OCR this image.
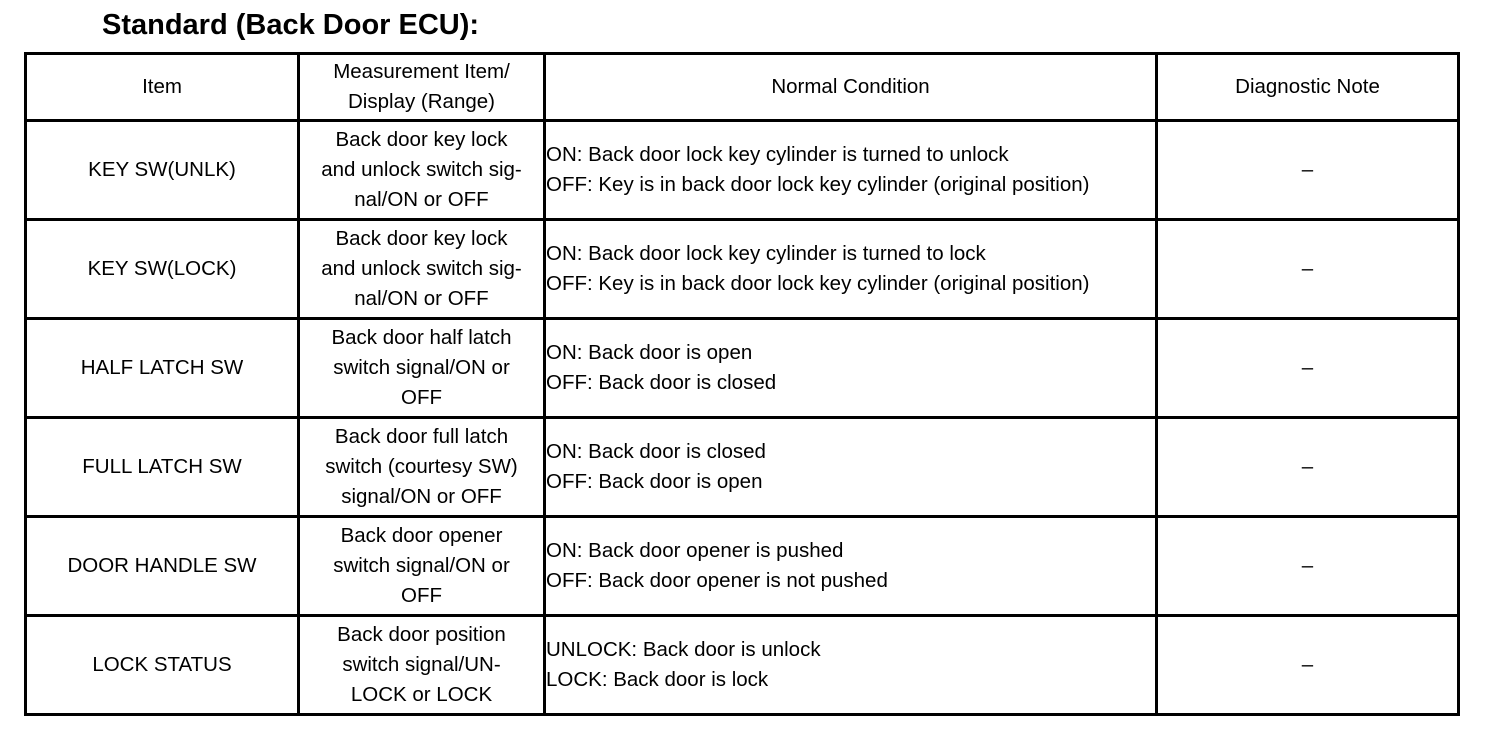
Standard (Back Door ECU):
Item	Measurement Item/
Display (Range)	Normal Condition	Diagnostic Note
KEY SW(UNLK)	Back door key lock
and unlock switch sig-
nal/ON or OFF	ON: Back door lock key cylinder is turned to unlock
OFF: Key is in back door lock key cylinder (original position)	–
KEY SW(LOCK)	Back door key lock
and unlock switch sig-
nal/ON or OFF	ON: Back door lock key cylinder is turned to lock
OFF: Key is in back door lock key cylinder (original position)	–
HALF LATCH SW	Back door half latch
switch signal/ON or
OFF	ON: Back door is open
OFF: Back door is closed	–
FULL LATCH SW	Back door full latch
switch (courtesy SW)
signal/ON or OFF	ON: Back door is closed
OFF: Back door is open	–
DOOR HANDLE SW	Back door opener
switch signal/ON or
OFF	ON: Back door opener is pushed
OFF: Back door opener is not pushed	–
LOCK STATUS	Back door position
switch signal/UN-
LOCK or LOCK	UNLOCK: Back door is unlock
LOCK: Back door is lock	–
